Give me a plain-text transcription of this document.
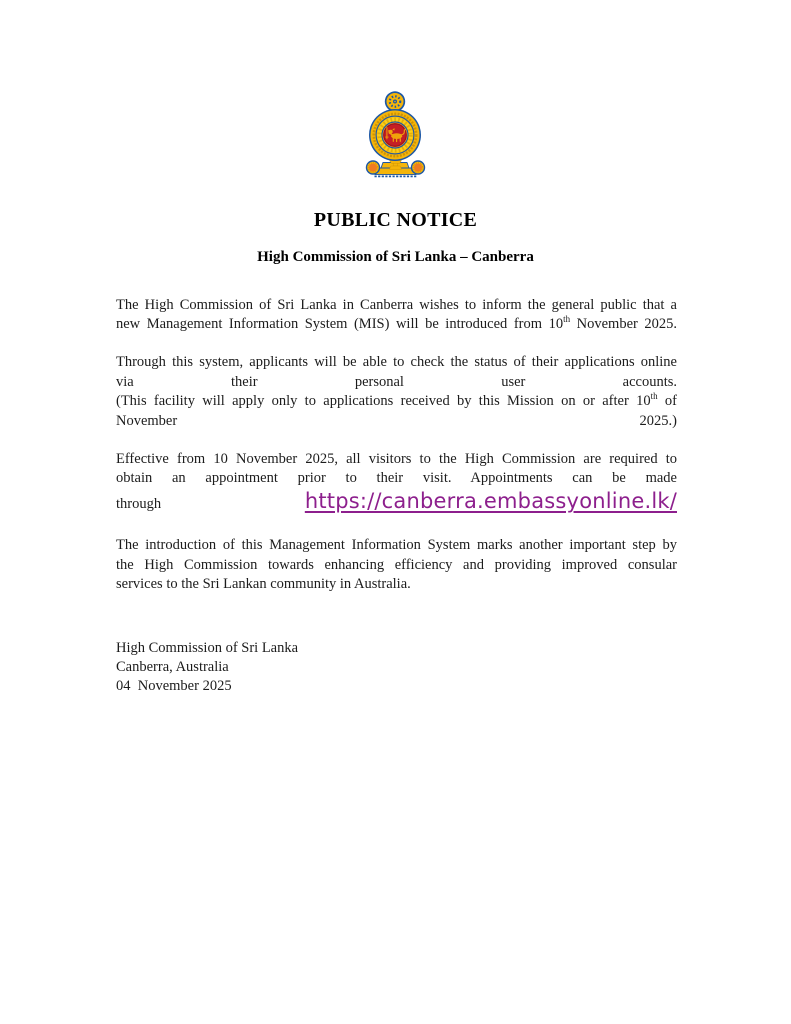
PUBLIC NOTICE
High Commission of Sri Lanka – Canberra
The High Commission of Sri Lanka in Canberra wishes to inform the general public that a
new Management Information System (MIS) will be introduced from 10th November 2025.
Through this system, applicants will be able to check the status of their applications online
via their personal user accounts.
(This facility will apply only to applications received by this Mission on or after 10th of
November	2025.)
Effective from 10 November 2025, all visitors to the High Commission are required to
obtain an appointment prior to their visit. Appointments can be made
through	https://canberra.embassyonline.lk/
The introduction of this Management Information System marks another important step by
the High Commission towards enhancing efficiency and providing improved consular
services to the Sri Lankan community in Australia.
High Commission of Sri Lanka
Canberra, Australia
04  November 2025
